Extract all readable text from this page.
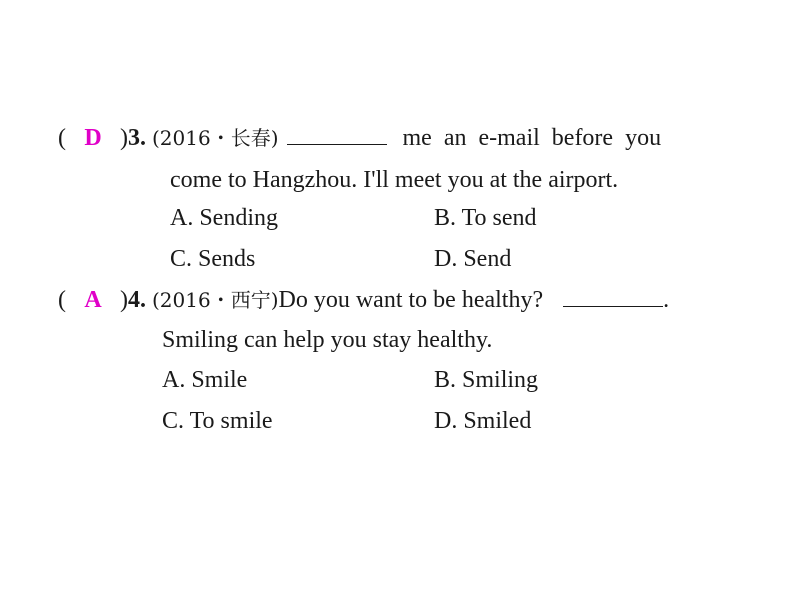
( D )3. (2016・长春)	me an e-mail before you
come to Hangzhou. I'll meet you at the airport.
A. Sending	B. To send
C. Sends	D. Send
( A )4. (2016・西宁)Do you want to be healthy?	.
Smiling can help you stay healthy.
A. Smile	B. Smiling
C. To smile	D. Smiled
